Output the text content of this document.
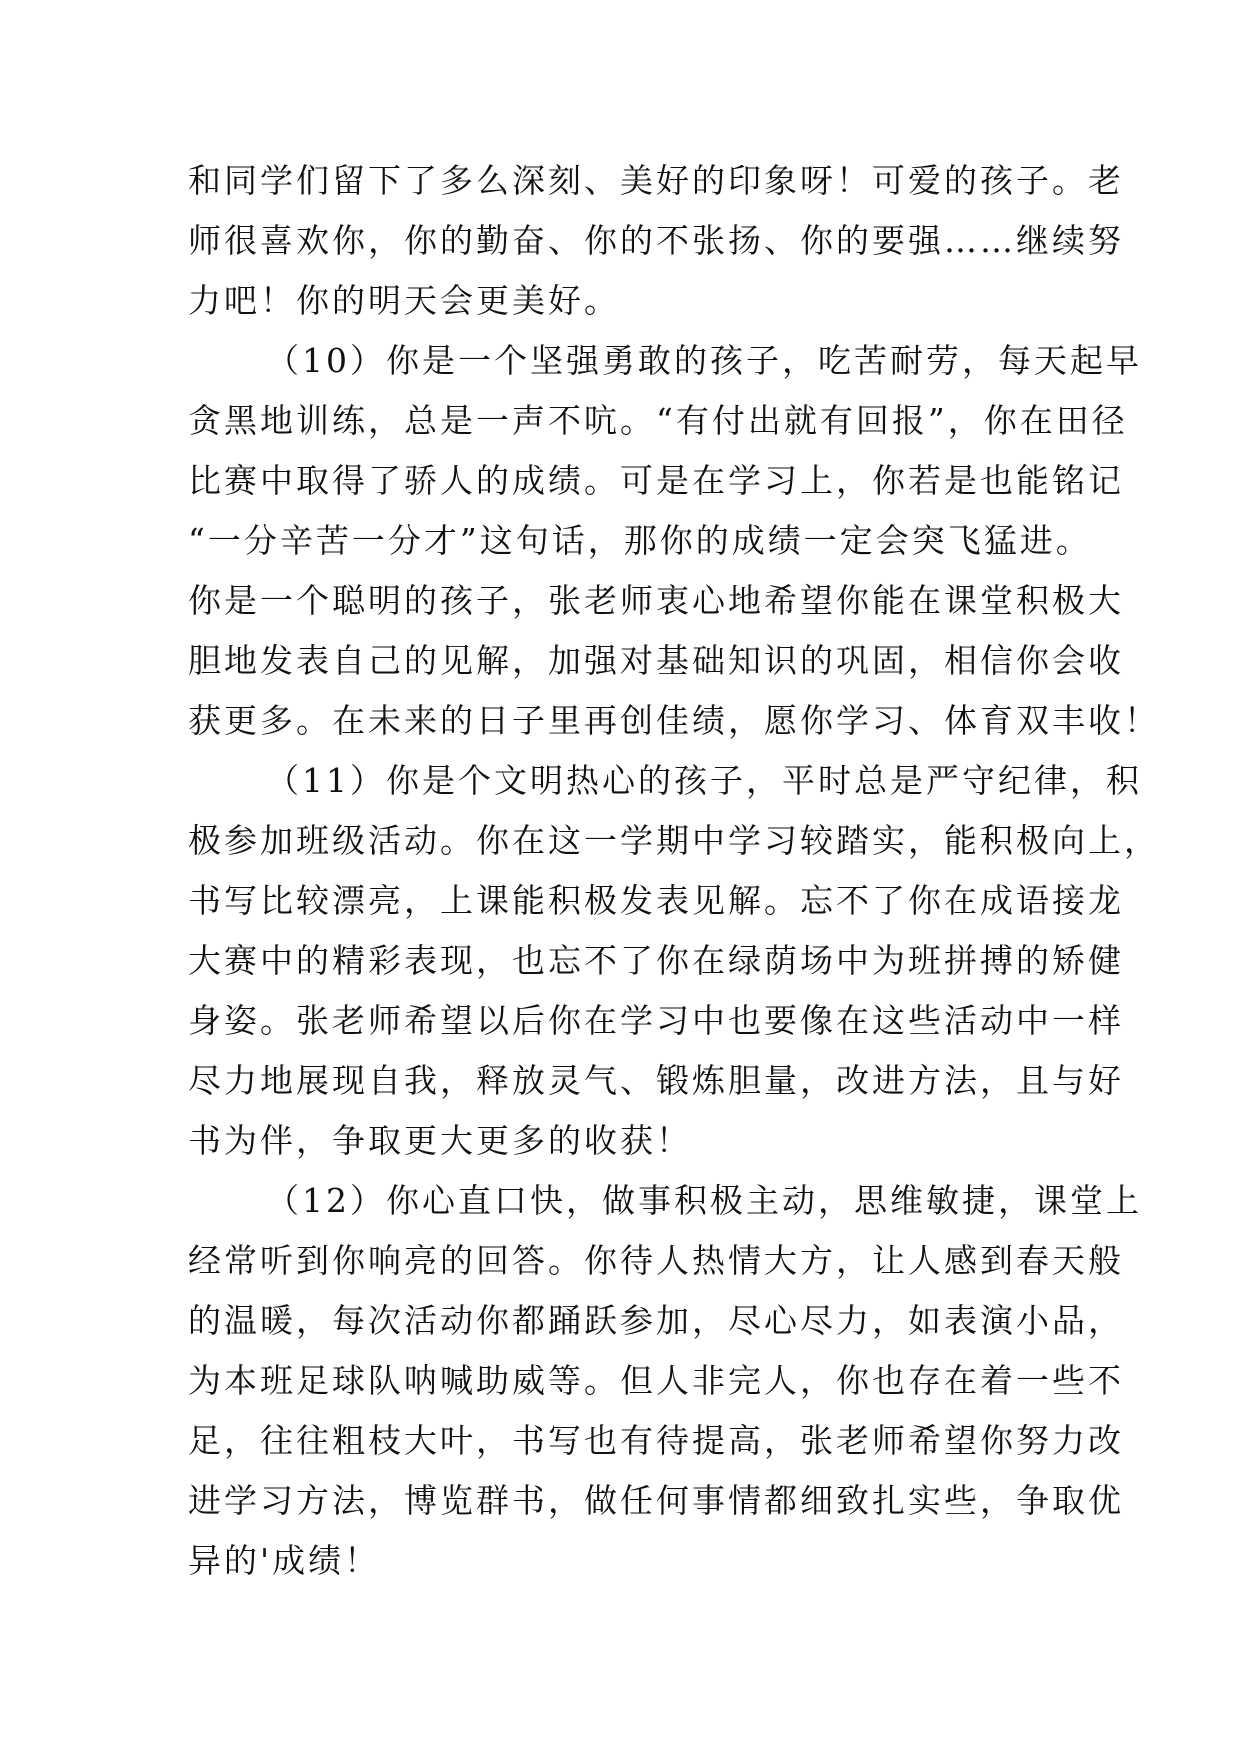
和同学们留下了多么深刻、美好的印象呀！可爱的孩子。老
师很喜欢你，你的勤奋、你的不张扬、你的要强……继续努
力吧！你的明天会更美好。
（10）你是一个坚强勇敢的孩子，吃苦耐劳，每天起早
贪黑地训练，总是一声不吭。“有付出就有回报”，你在田径
比赛中取得了骄人的成绩。可是在学习上，你若是也能铭记
“一分辛苦一分才”这句话，那你的成绩一定会突飞猛进。
你是一个聪明的孩子，张老师衷心地希望你能在课堂积极大
胆地发表自己的见解，加强对基础知识的巩固，相信你会收
获更多。在未来的日子里再创佳绩，愿你学习、体育双丰收！
（11）你是个文明热心的孩子，平时总是严守纪律，积
极参加班级活动。你在这一学期中学习较踏实，能积极向上，
书写比较漂亮，上课能积极发表见解。忘不了你在成语接龙
大赛中的精彩表现，也忘不了你在绿荫场中为班拼搏的矫健
身姿。张老师希望以后你在学习中也要像在这些活动中一样
尽力地展现自我，释放灵气、锻炼胆量，改进方法，且与好
书为伴，争取更大更多的收获！
（12）你心直口快，做事积极主动，思维敏捷，课堂上
经常听到你响亮的回答。你待人热情大方，让人感到春天般
的温暖，每次活动你都踊跃参加，尽心尽力，如表演小品，
为本班足球队呐喊助威等。但人非完人，你也存在着一些不
足，往往粗枝大叶，书写也有待提高，张老师希望你努力改
进学习方法，博览群书，做任何事情都细致扎实些，争取优
异的'成绩！
